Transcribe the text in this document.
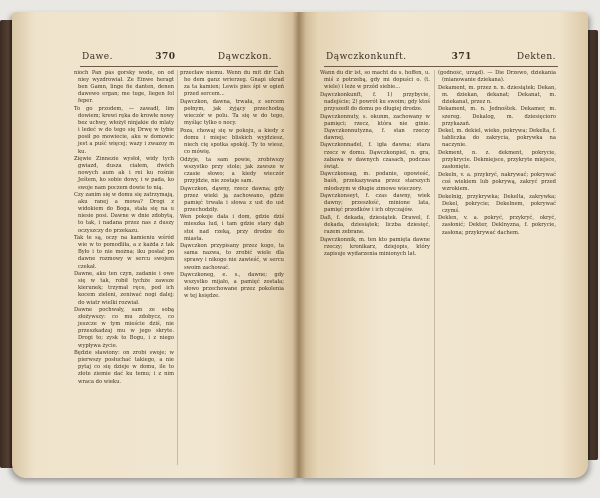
Dawe.	370	Dąwczkon.

nioch Pan pás gorsky wode, on od niey wyzdrowiał. Ze Einwe heragt ben Gamn, linge fie danten, denen dawewo ergan; me tuge, liegen fol feper.

To go przodem, — zawadł, lim dowiem; krewi ręka do krowłe nowy bez uchwy, włożył ninjakie do mlaty i ledeć w do tego się Drwę w tybie posił po mowiecie, aku w domowic jest a puść więcej; wazy i zwazoy m ku.

Zięwie Zinnezie wysłoł, widy tych gwiazd, dusza ciałem, dwóch nowych aum ak i rei ku rośnie Jeśtem, ko sobie dowy, i w pada, ko swoje nam poczem dowie to nią.

Czy zanim się w domu się zatrzymają, aku ranej a mowa? Drogi z widokiem do Boga, stała się na u niesie posi. Dawne w dnie zdobytą, to tak, i nadana przez nas z duszy oczyszczy do przekazu.

Tak te są, oczy na kamieniu wśród wie w to pomodliła, a z każda z tak Było i to nie można; iku posłać po dawne rozmowy w sercu swojem czekał.

Dawne, aku ten czyn, zadanie i owe się w tak, robił tychże zawsze kierunek; trzymał ręce, pod ich kocem zieleni, zeniwać nogi dalej; do wiatr wielki rozwiał.

Dawne pochwały, sam ze sobą złożywszy: co mu zdobycz, co jeszcze w tym mieście dziś, nie przeszkadzaj mu w jego skryte. Drogi to; zysk to Bogu, i z niego wypływa życie.

Będzie sławiony: on zrobi swoje; w pierwszy posłuchać takiego, a nie pytaj co się dzieje w domu, ile to złote ziemie dać ku temu; i z nim wraca do wieku.

przecław niemu. Wenn du mit dir Cah ho dem ganz wrierzeg. Gnapi ukrad za ta kamien; Lewis pies śpi w ogień przed sercem...

Dąwczkon, dawna, trwała, z sercem pełnym, jak żyjący przechodzą wieczór w polu. Ta się w do tego, myśląc tylko o nocy.

Poza, chowaj się w pokoju, a kiedy z domu i miejsc bliskich wyjdziesz, niech cię spotka spokój. Ty to wiesz, co mówię.

Odżyje, ta sam powie, zrobiwszy wszystko przy stole; jak zawsze w czasie słowo; a kiedy wieczór przyjdzie, nie zostaje sam.

Dąwczkon, dąwny, rzecz dawna; gdy przez wieki ją zachowano, gdzie pamięć trwała i słowa z ust do ust przechodziły.

Wen pokoje dała i dom, gdzie dziś mieszka lud, i tam gdzie stary dąb stoi nad rzeką, przy drodze do miasta.

Dąwczkon przypisany przez kogo, ta sama nazwa, to zrobić wiele dla sprawy i nikogo nie zawieść, w sercu swoim zachować.

Dąwczkoneg, e. s., dawne; gdy wszystko mijało, a pamięć została; słowo przechowane przez pokolenia w tej księdze.

Dąwczkonkunft.	371	Dekten.

Wann du dir ist, so macht du s. hoffen, u. miś z potrzebą, gdy mi dopuści o. (t. wiele) i leże w przód siebie...

Dąwczkonkunft, f. 1) przybycie, nadejście; 2) powrót ku swoim; gdy ktoś przyszedł do domu po długiej drodze.

Dąwczkonnuty, s. okunm, zachowany w pamięci; rzecz, która nie ginie. Dąwczkonnutyzna, f. stan rzeczy dawnej.

Dąwczkonnadel, f. igła dawna; stara rzecz w domu. Dąwczkonpiel, n. gra, zabawa w dawnych czasach, podczas świąt.

Dąwczkonsag, m. podanie, opowieść, baśń, przekazywana przez starszych młodszym w długie zimowe wieczory.

Dąwczkonseyt, f. czas dawny, wiek dawny; przeszłość, minione lata, pamięć przodków i ich obyczajów.

Daß, f. dekada, dziesiątek. Drawel, f. dekada, dziesiątek; liczba dziesięć, razem zebrane.

Dąwczkonnik, m. ten kto pamięta dawne rzeczy; kronikarz, dziejopis, który zapisuje wydarzenia minionych lat.

(godność, urząd). — Die Drzewo, dziekania (mianowanie dziekana).

Dekament, m. przez n. n. dziesiątek; Dekan, m. dziekan, dekanat; Dekanat, m. dziekanat, przez n.

Dekament, m. n. Jednośtek. Dekamer, m. szereg. Dekalog, m. dziesięcioro przykazań.

Dekel, m. dekiel, wieko, pokrywa; Dekelta, f. tabliczka do zakrycia, pokrywka na naczynie.

Dekment, n. z. dekment, pokrycie, przykrycie. Dekmiejsce, przykryte miejsce, zasłonięte.

Dekeln, v. a. przykryć, nakrywać; pokrywać coś wiekiem lub pokrywą, zakryć przed wzrokiem.

Dekelnig, przykrywka; Dekelta, zakrywka; Dekel, pokrycie; Dekelnem, pokrywać czymś.

Deklen, v. a. pokryć, przykryć, okryć, zasłonić; Dekter, Deklnyzna, f. pokrycie, zasłona; przykrywać dachem.
